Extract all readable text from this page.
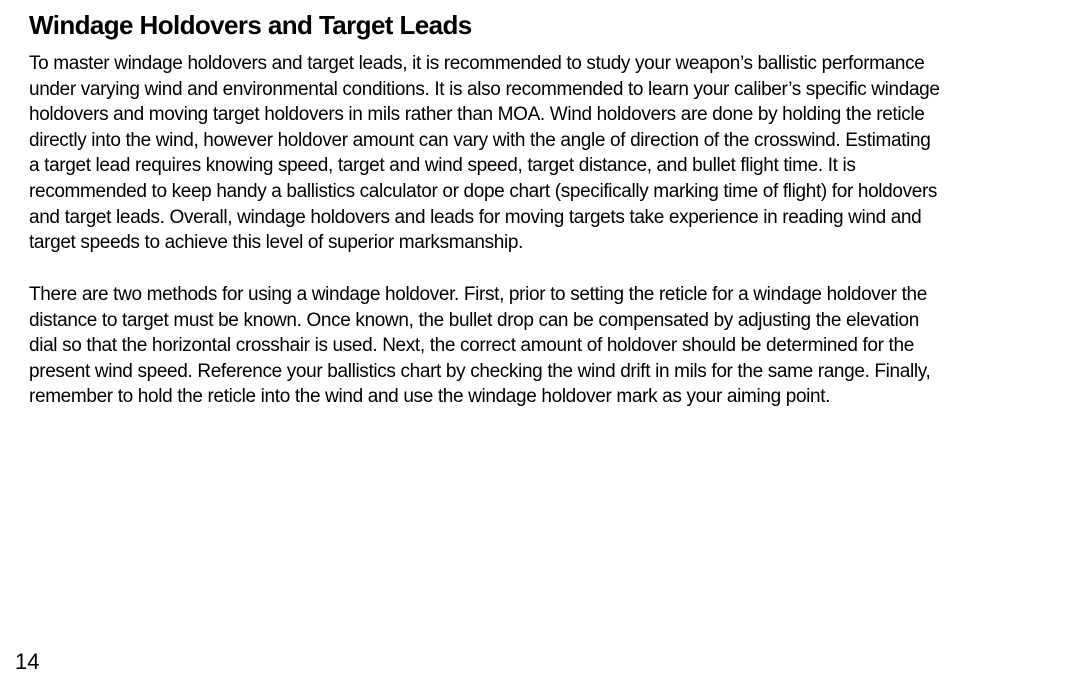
Windage Holdovers and Target Leads

To master windage holdovers and target leads, it is recommended to study your weapon’s ballistic performance
under varying wind and environmental conditions. It is also recommended to learn your caliber’s specific windage
holdovers and moving target holdovers in mils rather than MOA. Wind holdovers are done by holding the reticle
directly into the wind, however holdover amount can vary with the angle of direction of the crosswind. Estimating
a target lead requires knowing speed, target and wind speed, target distance, and bullet flight time. It is
recommended to keep handy a ballistics calculator or dope chart (specifically marking time of flight) for holdovers
and target leads. Overall, windage holdovers and leads for moving targets take experience in reading wind and
target speeds to achieve this level of superior marksmanship.

There are two methods for using a windage holdover. First, prior to setting the reticle for a windage holdover the
distance to target must be known. Once known, the bullet drop can be compensated by adjusting the elevation
dial so that the horizontal crosshair is used. Next, the correct amount of holdover should be determined for the
present wind speed. Reference your ballistics chart by checking the wind drift in mils for the same range. Finally,
remember to hold the reticle into the wind and use the windage holdover mark as your aiming point.

14
